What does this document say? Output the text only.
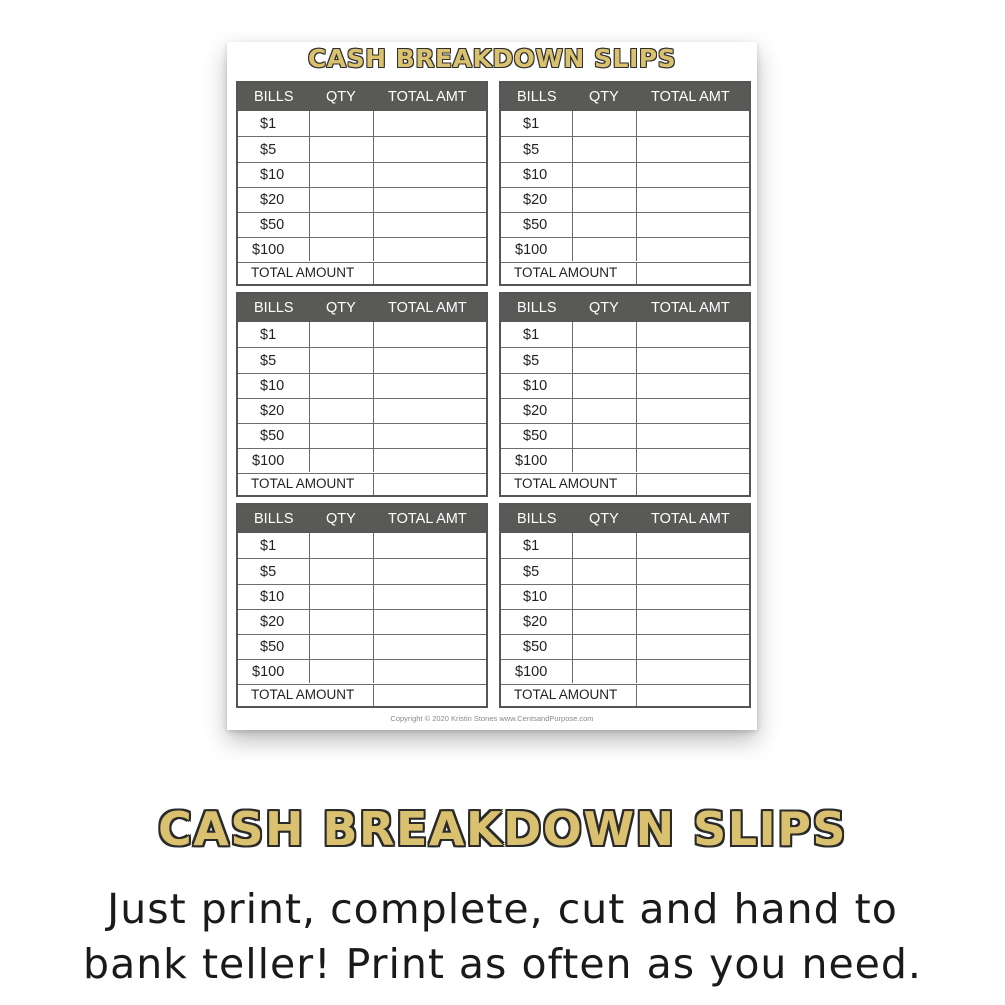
CASH BREAKDOWN SLIPS
BILLS QTY TOTAL AMT
$1
$5
$10
$20
$50
$100
TOTAL AMOUNT
BILLS QTY TOTAL AMT
$1
$5
$10
$20
$50
$100
TOTAL AMOUNT
BILLS QTY TOTAL AMT
$1
$5
$10
$20
$50
$100
TOTAL AMOUNT
BILLS QTY TOTAL AMT
$1
$5
$10
$20
$50
$100
TOTAL AMOUNT
BILLS QTY TOTAL AMT
$1
$5
$10
$20
$50
$100
TOTAL AMOUNT
BILLS QTY TOTAL AMT
$1
$5
$10
$20
$50
$100
TOTAL AMOUNT
Copyright © 2020 Kristin Stones www.CentsandPurpose.com
CASH BREAKDOWN SLIPS
Just print, complete, cut and hand to
bank teller! Print as often as you need.
